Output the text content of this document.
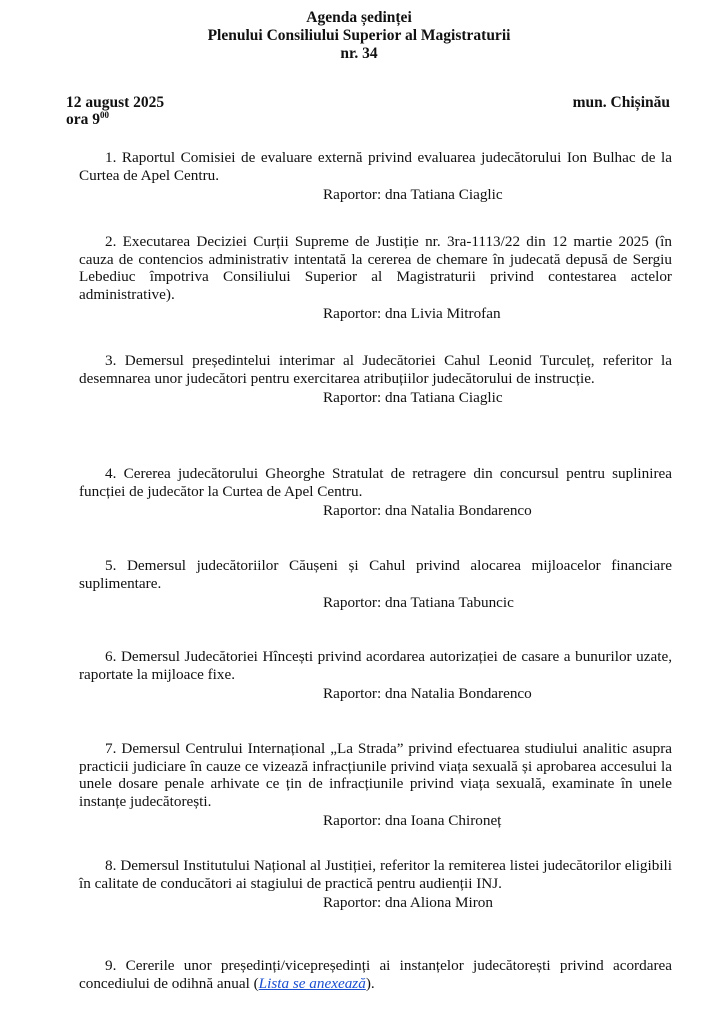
Agenda ședinței
Plenului Consiliului Superior al Magistraturii
nr. 34
12 august 2025
ora $9^{00}$
mun. Chișinău

1. Raportul Comisiei de evaluare externă privind evaluarea judecătorului Ion Bulhac de la Curtea de Apel Centru.

Raportor: dna Tatiana Ciaglic

2. Executarea Deciziei Curții Supreme de Justiție nr. 3ra-1113/22 din 12 martie 2025 (în cauza de contencios administrativ intentată la cererea de chemare în judecată depusă de Sergiu Lebediuc împotriva Consiliului Superior al Magistraturii privind contestarea actelor administrative).

Raportor: dna Livia Mitrofan

3. Demersul președintelui interimar al Judecătoriei Cahul Leonid Turculeț, referitor la desemnarea unor judecători pentru exercitarea atribuțiilor judecătorului de instrucție.

Raportor: dna Tatiana Ciaglic

4. Cererea judecătorului Gheorghe Stratulat de retragere din concursul pentru suplinirea funcției de judecător la Curtea de Apel Centru.

Raportor: dna Natalia Bondarenco

5. Demersul judecătoriilor Căușeni și Cahul privind alocarea mijloacelor financiare suplimentare.

Raportor: dna Tatiana Tabuncic

6. Demersul Judecătoriei Hîncești privind acordarea autorizației de casare a bunurilor uzate, raportate la mijloace fixe.

Raportor: dna Natalia Bondarenco

7. Demersul Centrului Internațional „La Strada” privind efectuarea studiului analitic asupra practicii judiciare în cauze ce vizează infracțiunile privind viața sexuală și aprobarea accesului la unele dosare penale arhivate ce țin de infracțiunile privind viața sexuală, examinate în unele instanțe judecătorești.

Raportor: dna Ioana Chironeț

8. Demersul Institutului Național al Justiției, referitor la remiterea listei judecătorilor eligibili în calitate de conducători ai stagiului de practică pentru audienții INJ.

Raportor: dna Aliona Miron

9. Cererile unor președinți/vicepreședinți ai instanțelor judecătorești privind acordarea concediului de odihnă anual (Lista se anexează).
